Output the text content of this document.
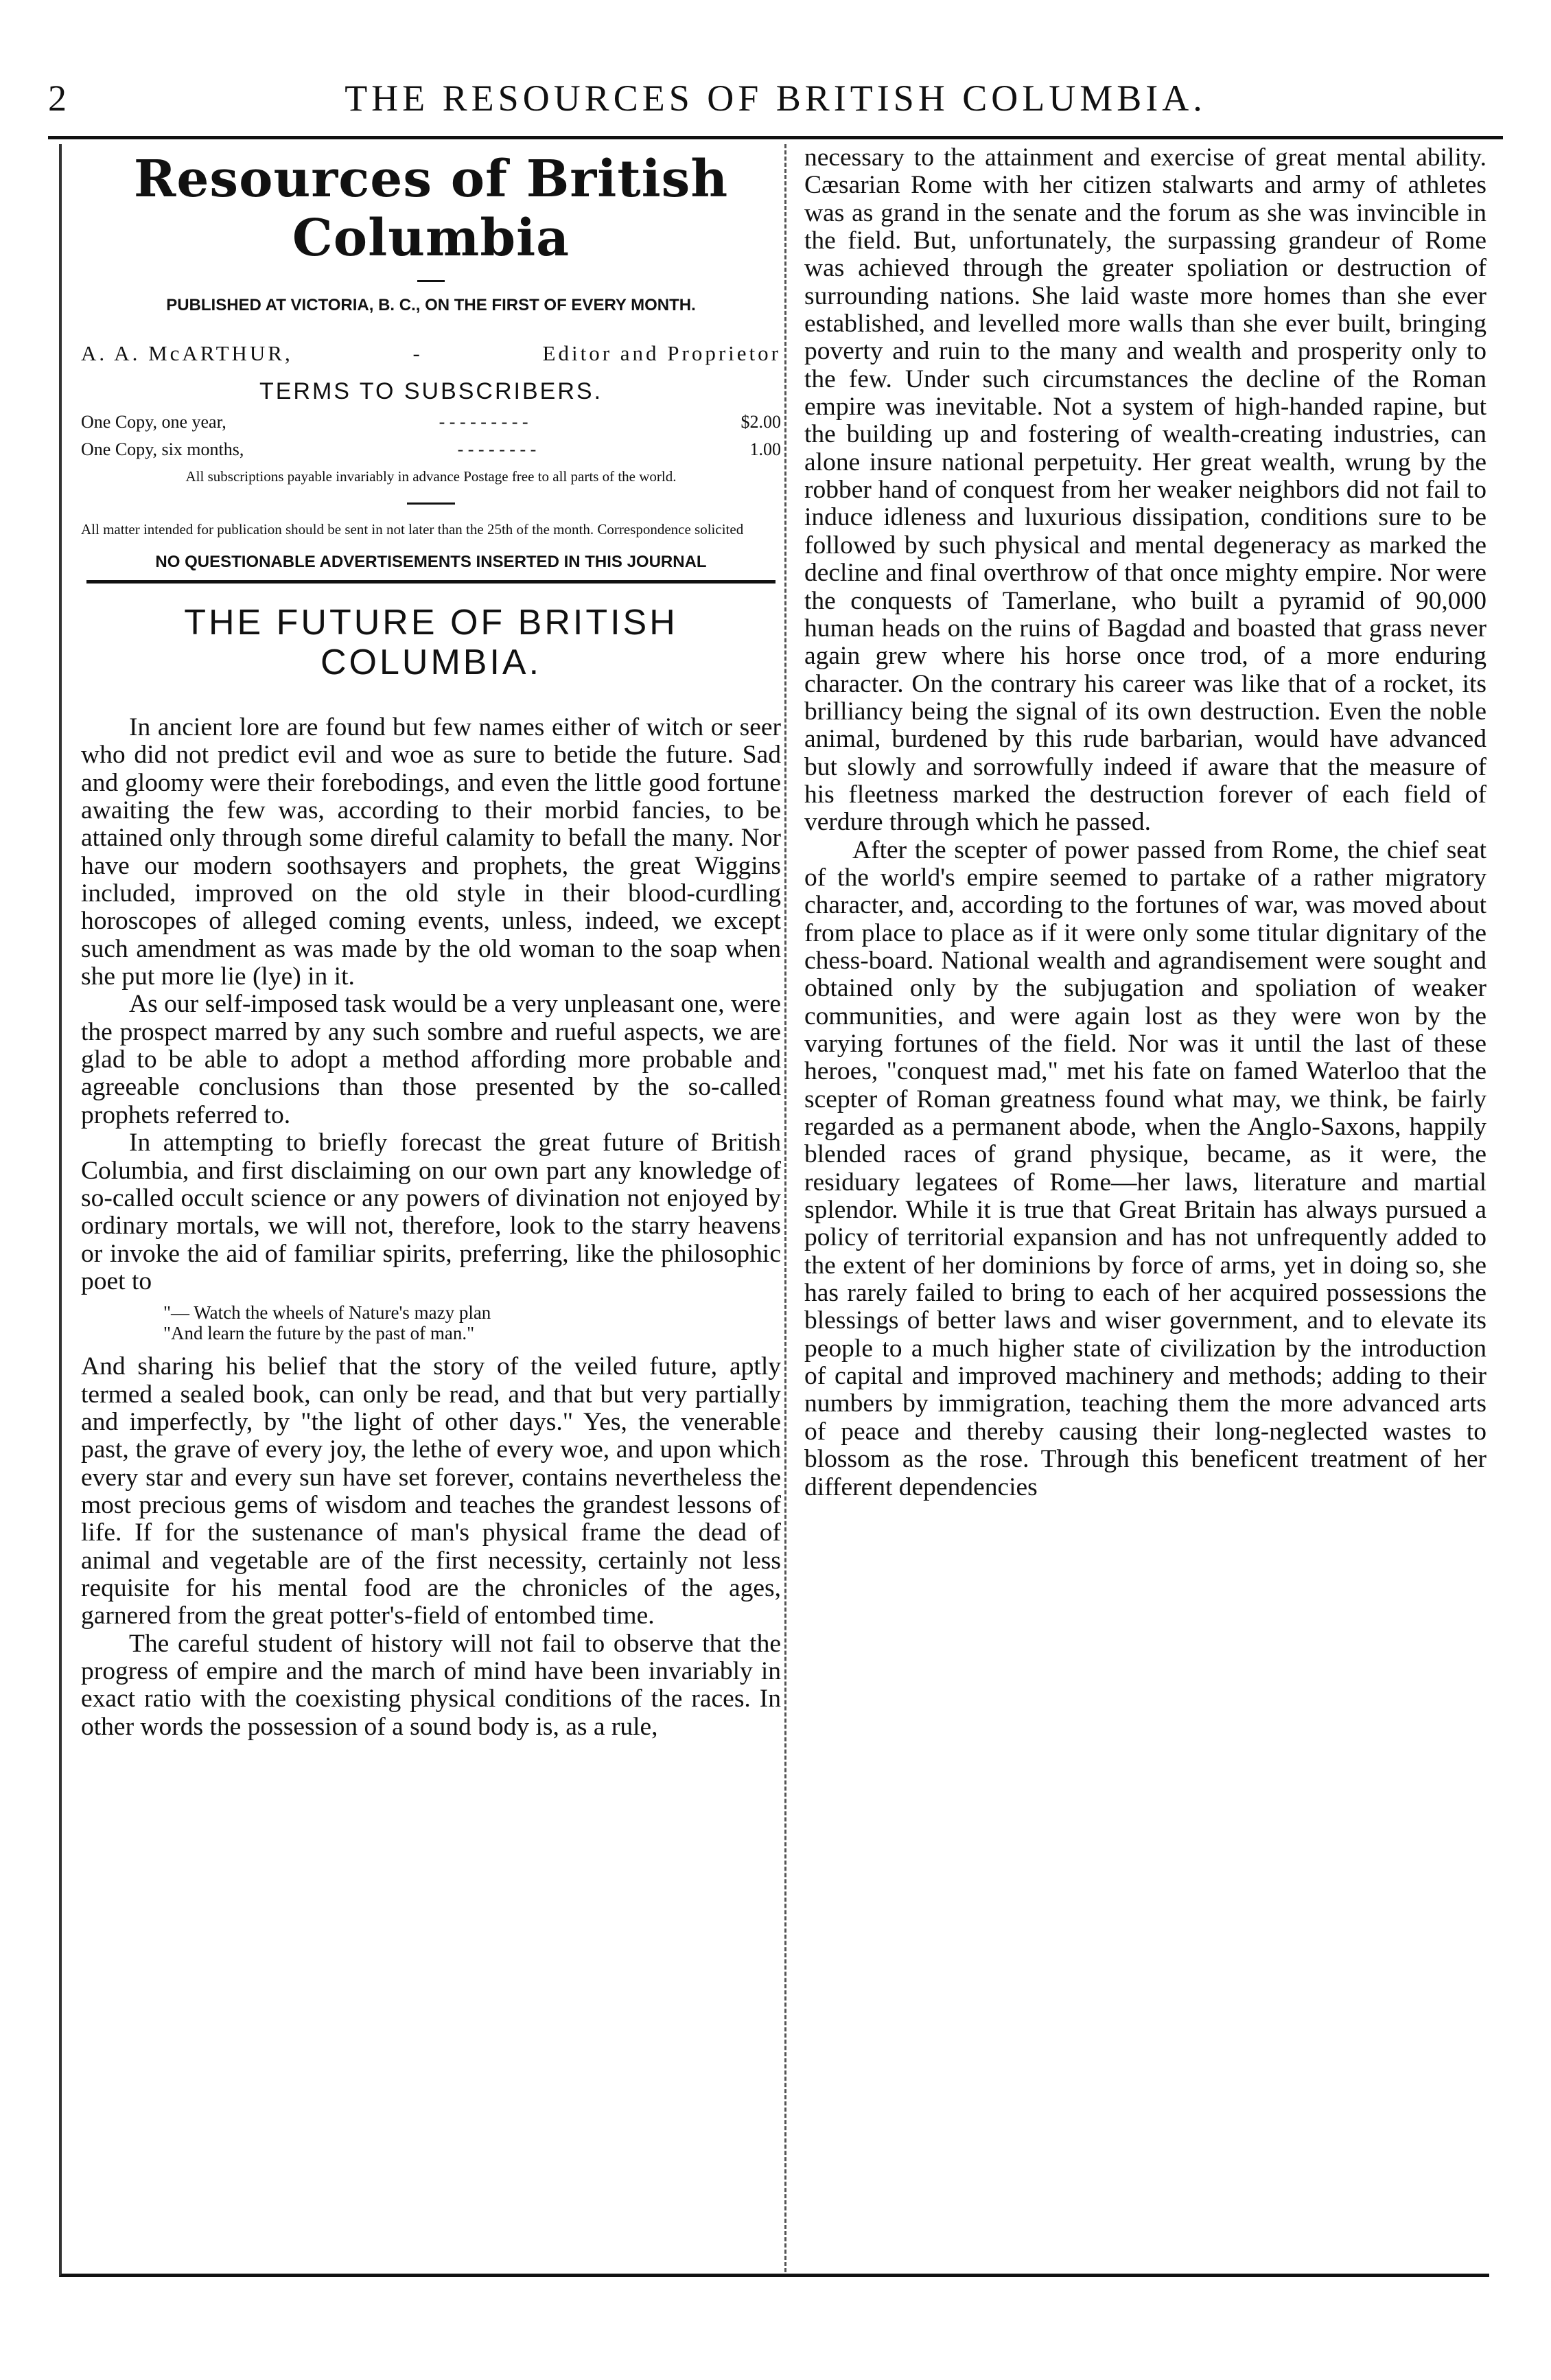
2	THE RESOURCES OF BRITISH COLUMBIA.
Resources of British Columbia
PUBLISHED AT VICTORIA, B. C., ON THE FIRST OF EVERY MONTH.
A. A. McARTHUR,	-	Editor and Proprietor
TERMS TO SUBSCRIBERS.
One Copy, one year,	- - - - - - - - -	$2.00
One Copy, six months,	- - - - - - - -	1.00
All subscriptions payable invariably in advance Postage free to all parts of the world.
All matter intended for publication should be sent in not later than the 25th of the month. Correspondence solicited
NO QUESTIONABLE ADVERTISEMENTS INSERTED IN THIS JOURNAL
THE FUTURE OF BRITISH COLUMBIA.

In ancient lore are found but few names either of witch or seer who did not predict evil and woe as sure to betide the future. Sad and gloomy were their forebodings, and even the little good fortune awaiting the few was, according to their morbid fancies, to be attained only through some direful calamity to befall the many. Nor have our modern soothsayers and prophets, the great Wiggins included, improved on the old style in their blood-curdling horoscopes of alleged coming events, unless, indeed, we except such amendment as was made by the old woman to the soap when she put more lie (lye) in it.

As our self-imposed task would be a very unpleasant one, were the prospect marred by any such sombre and rueful aspects, we are glad to be able to adopt a method affording more probable and agreeable conclusions than those presented by the so-called prophets referred to.

In attempting to briefly forecast the great future of British Columbia, and first disclaiming on our own part any knowledge of so-called occult science or any powers of divination not enjoyed by ordinary mortals, we will not, therefore, look to the starry heavens or invoke the aid of familiar spirits, preferring, like the philosophic poet to

"— Watch the wheels of Nature's mazy plan
"And learn the future by the past of man."

And sharing his belief that the story of the veiled future, aptly termed a sealed book, can only be read, and that but very partially and imperfectly, by "the light of other days." Yes, the venerable past, the grave of every joy, the lethe of every woe, and upon which every star and every sun have set forever, contains nevertheless the most precious gems of wisdom and teaches the grandest lessons of life. If for the sustenance of man's physical frame the dead of animal and vegetable are of the first necessity, certainly not less requisite for his mental food are the chronicles of the ages, garnered from the great potter's-field of entombed time.

The careful student of history will not fail to observe that the progress of empire and the march of mind have been invariably in exact ratio with the coexisting physical conditions of the races. In other words the possession of a sound body is, as a rule,

necessary to the attainment and exercise of great mental ability. Cæsarian Rome with her citizen stalwarts and army of athletes was as grand in the senate and the forum as she was invincible in the field. But, unfortunately, the surpassing grandeur of Rome was achieved through the greater spoliation or destruction of surrounding nations. She laid waste more homes than she ever established, and levelled more walls than she ever built, bringing poverty and ruin to the many and wealth and prosperity only to the few. Under such circumstances the decline of the Roman empire was inevitable. Not a system of high-handed rapine, but the building up and fostering of wealth-creating industries, can alone insure national perpetuity. Her great wealth, wrung by the robber hand of conquest from her weaker neighbors did not fail to induce idleness and luxurious dissipation, conditions sure to be followed by such physical and mental degeneracy as marked the decline and final overthrow of that once mighty empire. Nor were the conquests of Tamerlane, who built a pyramid of 90,000 human heads on the ruins of Bagdad and boasted that grass never again grew where his horse once trod, of a more enduring character. On the contrary his career was like that of a rocket, its brilliancy being the signal of its own destruction. Even the noble animal, burdened by this rude barbarian, would have advanced but slowly and sorrowfully indeed if aware that the measure of his fleetness marked the destruction forever of each field of verdure through which he passed.

After the scepter of power passed from Rome, the chief seat of the world's empire seemed to partake of a rather migratory character, and, according to the fortunes of war, was moved about from place to place as if it were only some titular dignitary of the chess-board. National wealth and agrandisement were sought and obtained only by the subjugation and spoliation of weaker communities, and were again lost as they were won by the varying fortunes of the field. Nor was it until the last of these heroes, "conquest mad," met his fate on famed Waterloo that the scepter of Roman greatness found what may, we think, be fairly regarded as a permanent abode, when the Anglo-Saxons, happily blended races of grand physique, became, as it were, the residuary legatees of Rome—her laws, literature and martial splendor. While it is true that Great Britain has always pursued a policy of territorial expansion and has not unfrequently added to the extent of her dominions by force of arms, yet in doing so, she has rarely failed to bring to each of her acquired possessions the blessings of better laws and wiser government, and to elevate its people to a much higher state of civilization by the introduction of capital and improved machinery and methods; adding to their numbers by immigration, teaching them the more advanced arts of peace and thereby causing their long-neglected wastes to blossom as the rose. Through this beneficent treatment of her different dependencies
